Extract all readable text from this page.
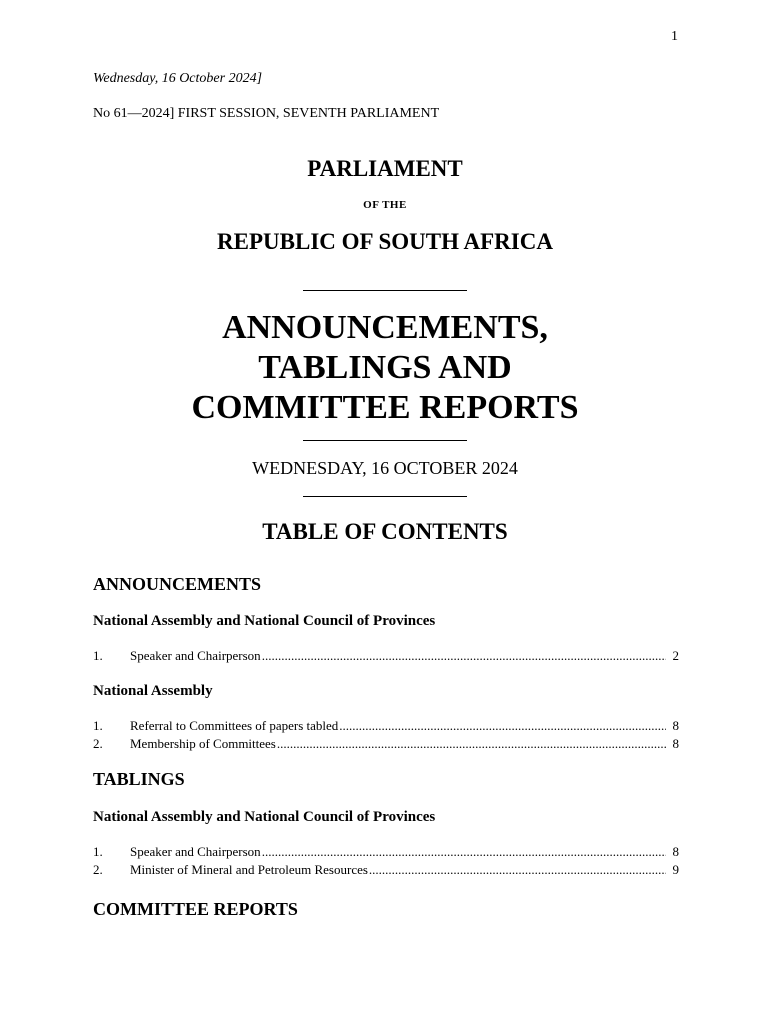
1
Wednesday, 16 October 2024]
No 61—2024] FIRST SESSION, SEVENTH PARLIAMENT
PARLIAMENT
OF THE
REPUBLIC OF SOUTH AFRICA
ANNOUNCEMENTS,
TABLINGS AND
COMMITTEE REPORTS
WEDNESDAY, 16 OCTOBER 2024
TABLE OF CONTENTS
ANNOUNCEMENTS
National Assembly and National Council of Provinces
1.	Speaker and Chairperson .....	2
National Assembly
1.	Referral to Committees of papers tabled .....	8
2.	Membership of Committees .....	8
TABLINGS
National Assembly and National Council of Provinces
1.	Speaker and Chairperson .....	8
2.	Minister of Mineral and Petroleum Resources .....	9
COMMITTEE REPORTS
